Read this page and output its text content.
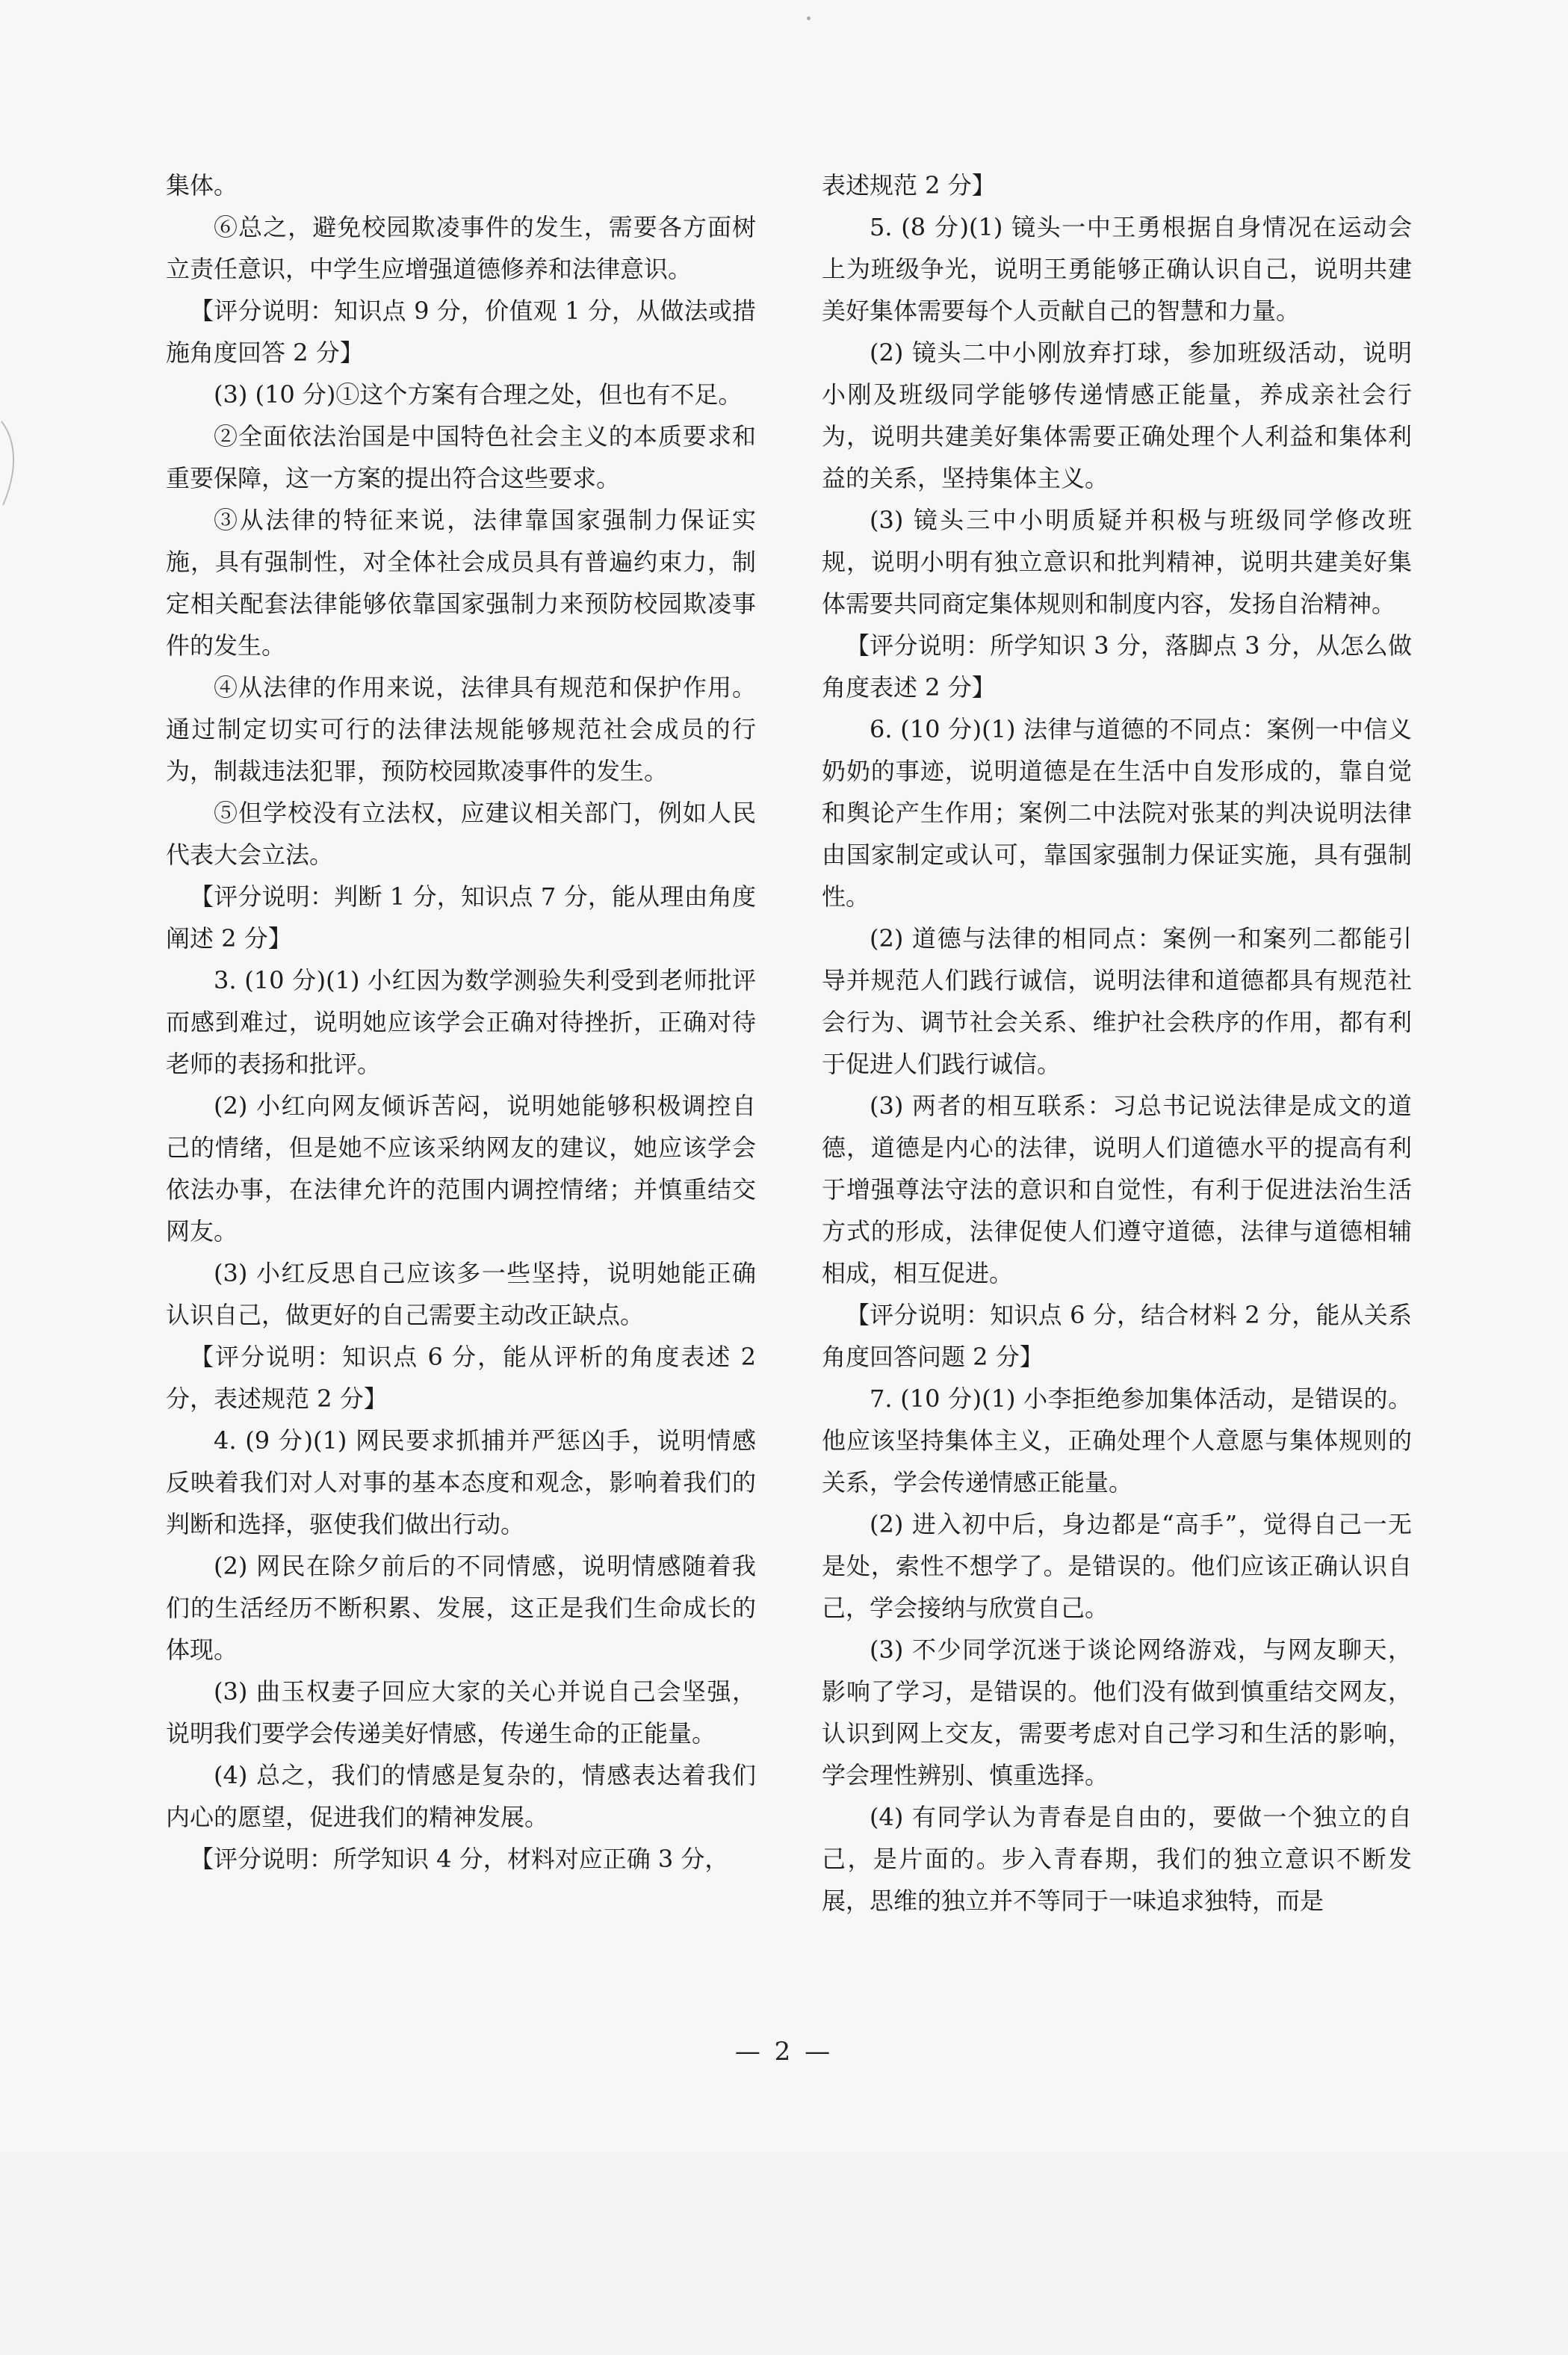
集体。

⑥总之，避免校园欺凌事件的发生，需要各方面树立责任意识，中学生应增强道德修养和法律意识。

【评分说明：知识点 9 分，价值观 1 分，从做法或措施角度回答 2 分】

(3) (10 分)①这个方案有合理之处，但也有不足。

②全面依法治国是中国特色社会主义的本质要求和重要保障，这一方案的提出符合这些要求。

③从法律的特征来说，法律靠国家强制力保证实施，具有强制性，对全体社会成员具有普遍约束力，制定相关配套法律能够依靠国家强制力来预防校园欺凌事件的发生。

④从法律的作用来说，法律具有规范和保护作用。通过制定切实可行的法律法规能够规范社会成员的行为，制裁违法犯罪，预防校园欺凌事件的发生。

⑤但学校没有立法权，应建议相关部门，例如人民代表大会立法。

【评分说明：判断 1 分，知识点 7 分，能从理由角度阐述 2 分】

3. (10 分)(1) 小红因为数学测验失利受到老师批评而感到难过，说明她应该学会正确对待挫折，正确对待老师的表扬和批评。

(2) 小红向网友倾诉苦闷，说明她能够积极调控自己的情绪，但是她不应该采纳网友的建议，她应该学会依法办事，在法律允许的范围内调控情绪；并慎重结交网友。

(3) 小红反思自己应该多一些坚持，说明她能正确认识自己，做更好的自己需要主动改正缺点。

【评分说明：知识点 6 分，能从评析的角度表述 2 分，表述规范 2 分】

4. (9 分)(1) 网民要求抓捕并严惩凶手，说明情感反映着我们对人对事的基本态度和观念，影响着我们的判断和选择，驱使我们做出行动。

(2) 网民在除夕前后的不同情感，说明情感随着我们的生活经历不断积累、发展，这正是我们生命成长的体现。

(3) 曲玉权妻子回应大家的关心并说自己会坚强，说明我们要学会传递美好情感，传递生命的正能量。

(4) 总之，我们的情感是复杂的，情感表达着我们内心的愿望，促进我们的精神发展。

【评分说明：所学知识 4 分，材料对应正确 3 分，

表述规范 2 分】

5. (8 分)(1) 镜头一中王勇根据自身情况在运动会上为班级争光，说明王勇能够正确认识自己，说明共建美好集体需要每个人贡献自己的智慧和力量。

(2) 镜头二中小刚放弃打球，参加班级活动，说明小刚及班级同学能够传递情感正能量，养成亲社会行为，说明共建美好集体需要正确处理个人利益和集体利益的关系，坚持集体主义。

(3) 镜头三中小明质疑并积极与班级同学修改班规，说明小明有独立意识和批判精神，说明共建美好集体需要共同商定集体规则和制度内容，发扬自治精神。

【评分说明：所学知识 3 分，落脚点 3 分，从怎么做角度表述 2 分】

6. (10 分)(1) 法律与道德的不同点：案例一中信义奶奶的事迹，说明道德是在生活中自发形成的，靠自觉和舆论产生作用；案例二中法院对张某的判决说明法律由国家制定或认可，靠国家强制力保证实施，具有强制性。

(2) 道德与法律的相同点：案例一和案列二都能引导并规范人们践行诚信，说明法律和道德都具有规范社会行为、调节社会关系、维护社会秩序的作用，都有利于促进人们践行诚信。

(3) 两者的相互联系：习总书记说法律是成文的道德，道德是内心的法律，说明人们道德水平的提高有利于增强尊法守法的意识和自觉性，有利于促进法治生活方式的形成，法律促使人们遵守道德，法律与道德相辅相成，相互促进。

【评分说明：知识点 6 分，结合材料 2 分，能从关系角度回答问题 2 分】

7. (10 分)(1) 小李拒绝参加集体活动，是错误的。他应该坚持集体主义，正确处理个人意愿与集体规则的关系，学会传递情感正能量。

(2) 进入初中后，身边都是“高手”，觉得自己一无是处，索性不想学了。是错误的。他们应该正确认识自己，学会接纳与欣赏自己。

(3) 不少同学沉迷于谈论网络游戏，与网友聊天，影响了学习，是错误的。他们没有做到慎重结交网友，认识到网上交友，需要考虑对自己学习和生活的影响，学会理性辨别、慎重选择。

(4) 有同学认为青春是自由的，要做一个独立的自己，是片面的。步入青春期，我们的独立意识不断发展，思维的独立并不等同于一味追求独特，而是

— 2 —
